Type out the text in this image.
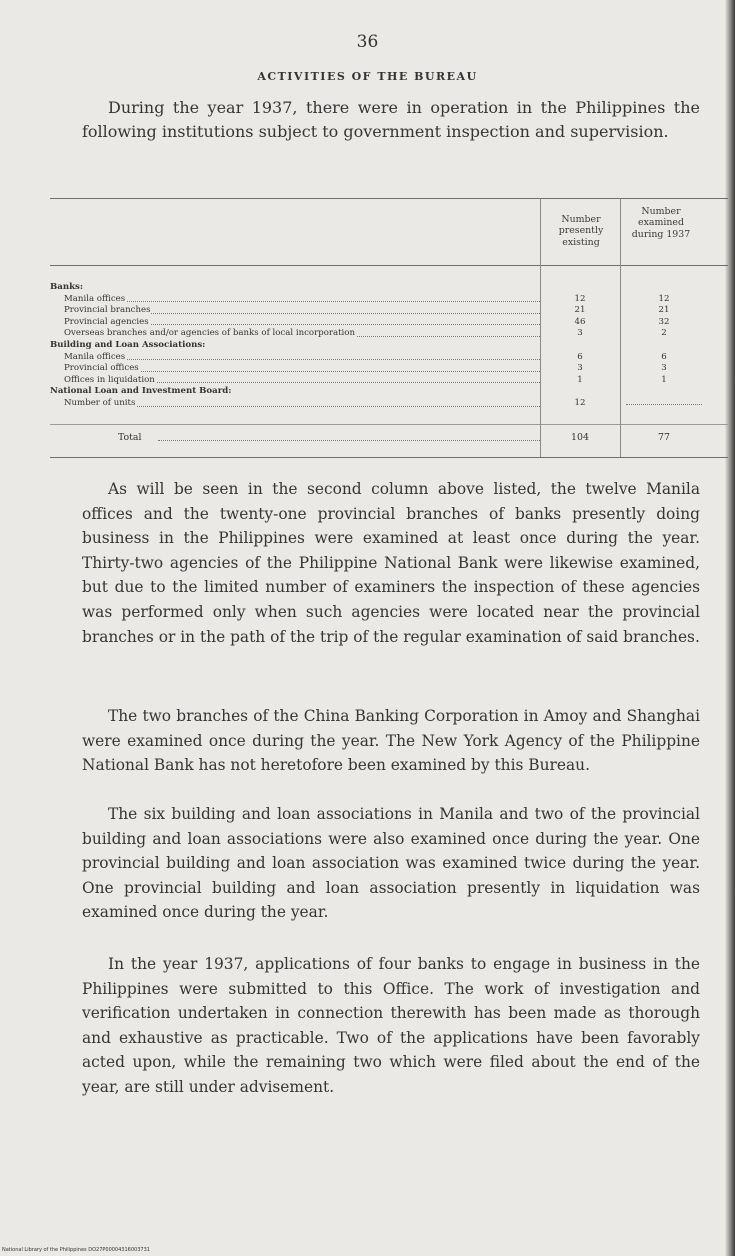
36
ACTIVITIES OF THE BUREAU

During the year 1937, there were in operation in the Philippines the following institutions subject to government inspection and supervision.

Number presently existing
Number examined during 1937
Banks:
Manila offices
Provincial branches
Provincial agencies
Overseas branches and/or agencies of banks of local incorporation
Building and Loan Associations:
Manila offices
Provincial offices
Offices in liquidation
National Loan and Investment Board:
Number of units
12
21
46
3
6
3
1
12
12
21
32
2
6
3
1
Total	104	77

As will be seen in the second column above listed, the twelve Manila offices and the twenty-one provincial branches of banks presently doing business in the Philippines were examined at least once during the year. Thirty-two agencies of the Philippine National Bank were likewise examined, but due to the limited number of examiners the inspection of these agencies was performed only when such agencies were located near the provincial branches or in the path of the trip of the regular examination of said branches.

The two branches of the China Banking Corporation in Amoy and Shanghai were examined once during the year. The New York Agency of the Philippine National Bank has not heretofore been examined by this Bureau.

The six building and loan associations in Manila and two of the provincial building and loan associations were also examined once during the year. One provincial building and loan association was examined twice during the year. One provincial building and loan association presently in liquidation was examined once during the year.

In the year 1937, applications of four banks to engage in business in the Philippines were submitted to this Office. The work of investigation and verification undertaken in connection therewith has been made as thorough and exhaustive as practicable. Two of the applications have been favorably acted upon, while the remaining two which were filed about the end of the year, are still under advisement.

National Library of the Philippines DO27P00004316003731
